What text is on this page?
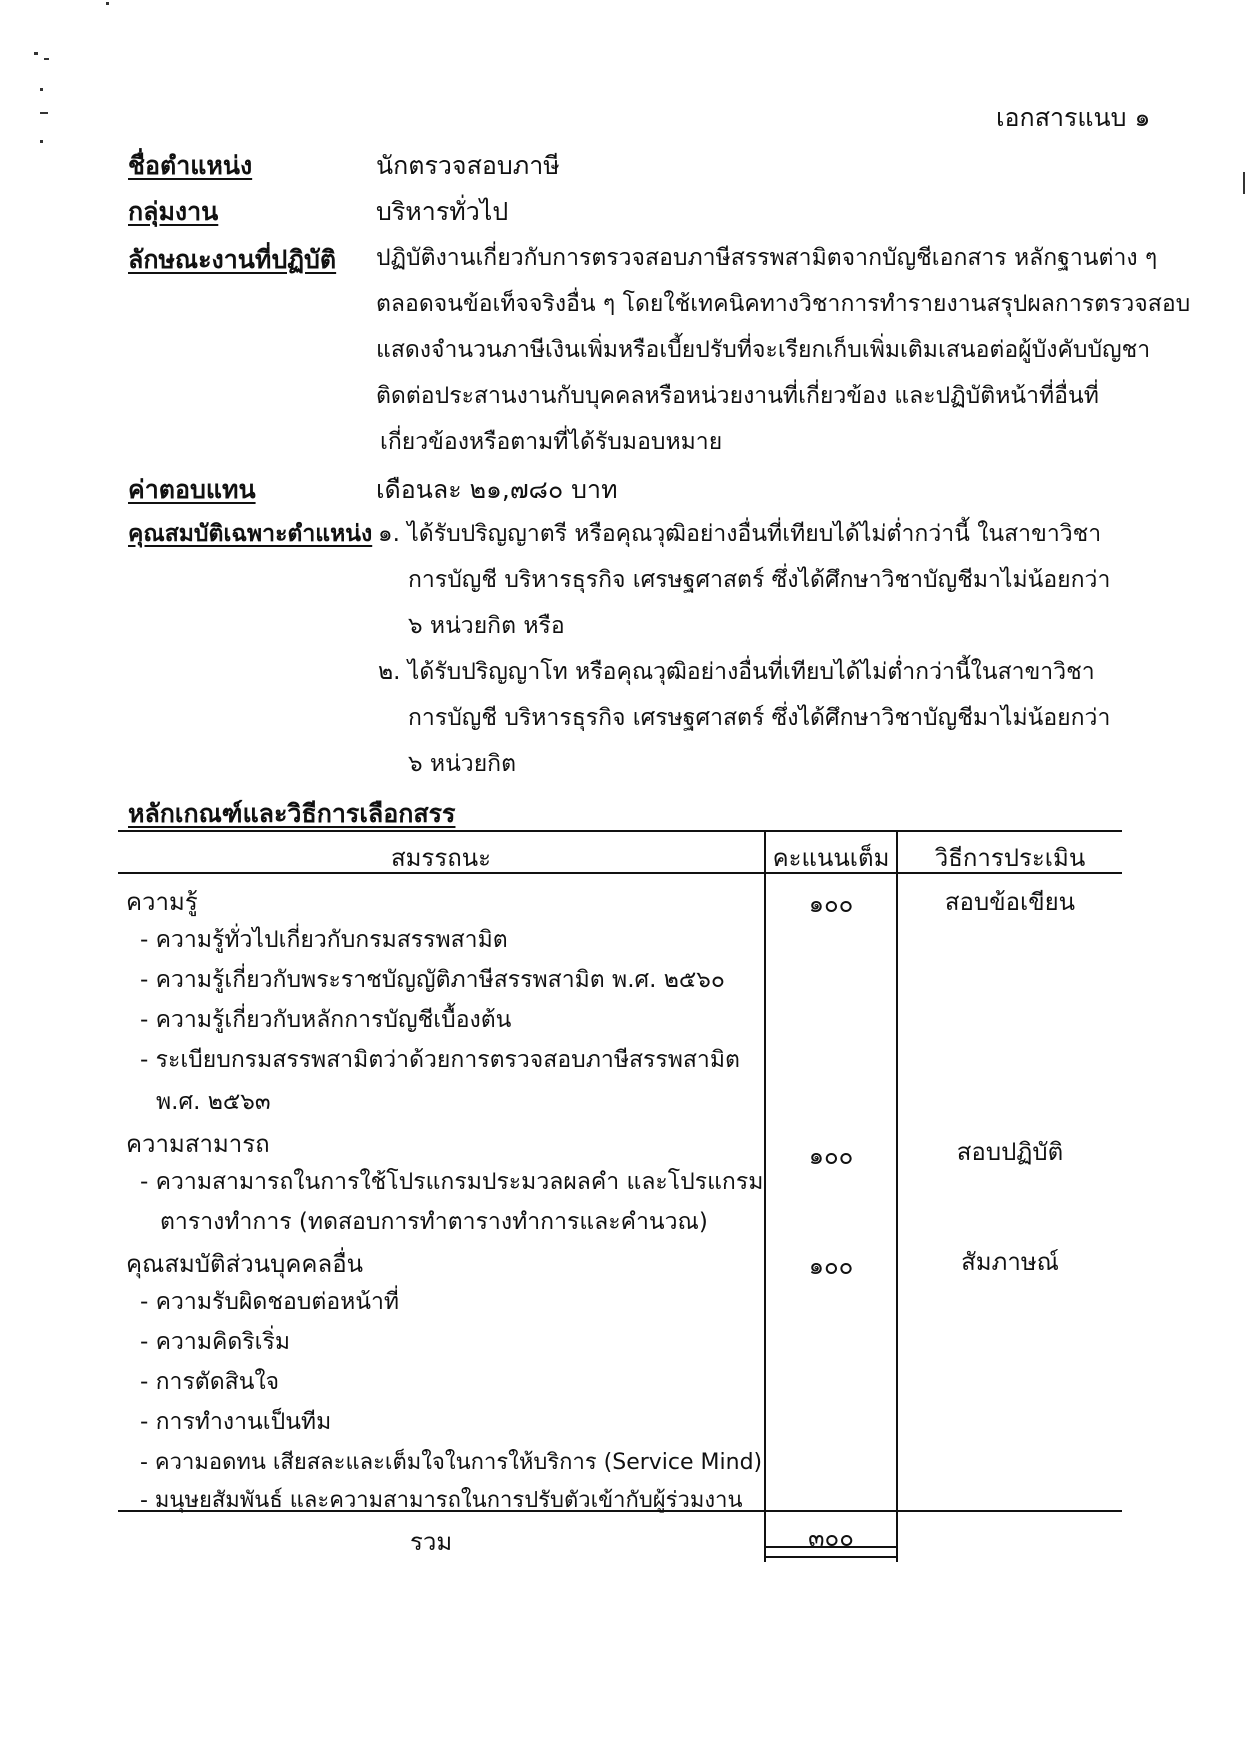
เอกสารแนบ ๑
ชื่อตำแหน่ง	นักตรวจสอบภาษี
กลุ่มงาน	บริหารทั่วไป
ลักษณะงานที่ปฏิบัติ ปฏิบัติงานเกี่ยวกับการตรวจสอบภาษีสรรพสามิตจากบัญชีเอกสาร หลักฐานต่าง ๆ
ตลอดจนข้อเท็จจริงอื่น ๆ โดยใช้เทคนิคทางวิชาการทำรายงานสรุปผลการตรวจสอบ
แสดงจำนวนภาษีเงินเพิ่มหรือเบี้ยปรับที่จะเรียกเก็บเพิ่มเติมเสนอต่อผู้บังคับบัญชา
ติดต่อประสานงานกับบุคคลหรือหน่วยงานที่เกี่ยวข้อง และปฏิบัติหน้าที่อื่นที่
เกี่ยวข้องหรือตามที่ได้รับมอบหมาย
ค่าตอบแทน	เดือนละ ๒๑,๗๘๐ บาท
คุณสมบัติเฉพาะตำแหน่ง ๑. ได้รับปริญญาตรี หรือคุณวุฒิอย่างอื่นที่เทียบได้ไม่ต่ำกว่านี้ ในสาขาวิชา
การบัญชี บริหารธุรกิจ เศรษฐศาสตร์ ซึ่งได้ศึกษาวิชาบัญชีมาไม่น้อยกว่า
๖ หน่วยกิต หรือ
๒. ได้รับปริญญาโท หรือคุณวุฒิอย่างอื่นที่เทียบได้ไม่ต่ำกว่านี้ในสาขาวิชา
การบัญชี บริหารธุรกิจ เศรษฐศาสตร์ ซึ่งได้ศึกษาวิชาบัญชีมาไม่น้อยกว่า
๖ หน่วยกิต
หลักเกณฑ์และวิธีการเลือกสรร
สมรรถนะ	คะแนนเต็ม	วิธีการประเมิน
ความรู้	๑๐๐	สอบข้อเขียน
- ความรู้ทั่วไปเกี่ยวกับกรมสรรพสามิต
- ความรู้เกี่ยวกับพระราชบัญญัติภาษีสรรพสามิต พ.ศ. ๒๕๖๐
- ความรู้เกี่ยวกับหลักการบัญชีเบื้องต้น
- ระเบียบกรมสรรพสามิตว่าด้วยการตรวจสอบภาษีสรรพสามิต
พ.ศ. ๒๕๖๓
ความสามารถ	๑๐๐	สอบปฏิบัติ
- ความสามารถในการใช้โปรแกรมประมวลผลคำ และโปรแกรม
ตารางทำการ (ทดสอบการทำตารางทำการและคำนวณ)
คุณสมบัติส่วนบุคคลอื่น	๑๐๐	สัมภาษณ์
- ความรับผิดชอบต่อหน้าที่
- ความคิดริเริ่ม
- การตัดสินใจ
- การทำงานเป็นทีม
- ความอดทน เสียสละและเต็มใจในการให้บริการ (Service Mind)
- มนุษยสัมพันธ์ และความสามารถในการปรับตัวเข้ากับผู้ร่วมงาน
รวม	๓๐๐
